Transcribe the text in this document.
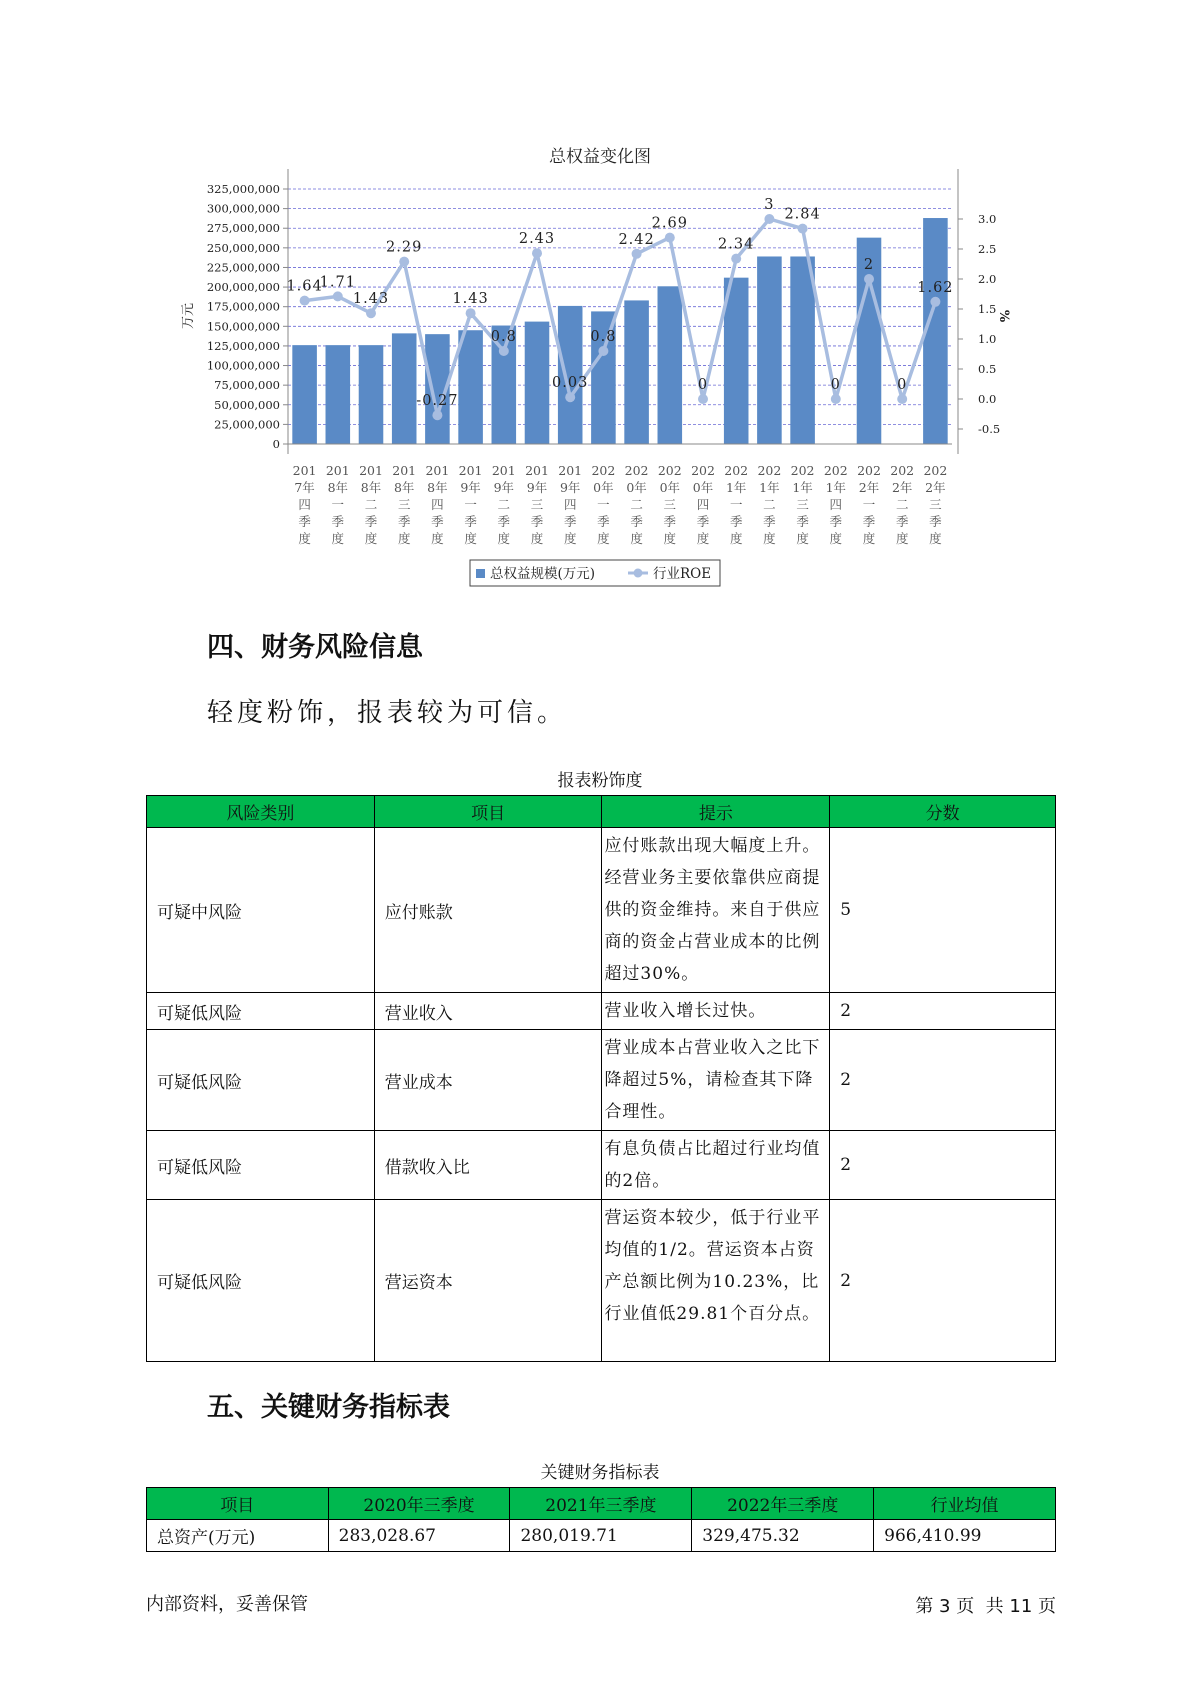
总权益变化图
1.64
1.71
1.43
2.29
-0.27
1.43
0.8
2.43
0.03
0.8
2.42
2.69
0
2.34
3
2.84
0
2
0
1.62
0
25,000,000
50,000,000
75,000,000
100,000,000
125,000,000
150,000,000
175,000,000
200,000,000
225,000,000
250,000,000
275,000,000
300,000,000
325,000,000
-0.5
0.0
0.5
1.0
1.5
2.0
2.5
3.0
万元	%
201
7年
四
季
度
201
8年
一
季
度
201
8年
二
季
度
201
8年
三
季
度
201
8年
四
季
度
201
9年
一
季
度
201
9年
二
季
度
201
9年
三
季
度
201
9年
四
季
度
202
0年
一
季
度
202
0年
二
季
度
202
0年
三
季
度
202
0年
四
季
度
202
1年
一
季
度
202
1年
二
季
度
202
1年
三
季
度
202
1年
四
季
度
202
2年
一
季
度
202
2年
二
季
度
202
2年
三
季
度
总权益规模(万元)	行业ROE
四、财务风险信息

轻度粉饰，报表较为可信。

报表粉饰度
风险类别	项目	提示	分数
可疑中风险	应付账款	应付账款出现大幅度上升。经营业务主要依靠供应商提供的资金维持。来自于供应商的资金占营业成本的比例超过30%。	5
可疑低风险	营业收入	营业收入增长过快。	2
可疑低风险	营业成本	营业成本占营业收入之比下降超过5%，请检查其下降合理性。	2
可疑低风险	借款收入比	有息负债占比超过行业均值的2倍。	2
可疑低风险	营运资本	营运资本较少，低于行业平均值的1/2。营运资本占资产总额比例为10.23%，比行业值低29.81个百分点。	2
五、关键财务指标表
关键财务指标表
项目	2020年三季度	2021年三季度	2022年三季度	行业均值
总资产(万元)	283,028.67	280,019.71	329,475.32	966,410.99
内部资料，妥善保管	第 3 页  共 11 页
